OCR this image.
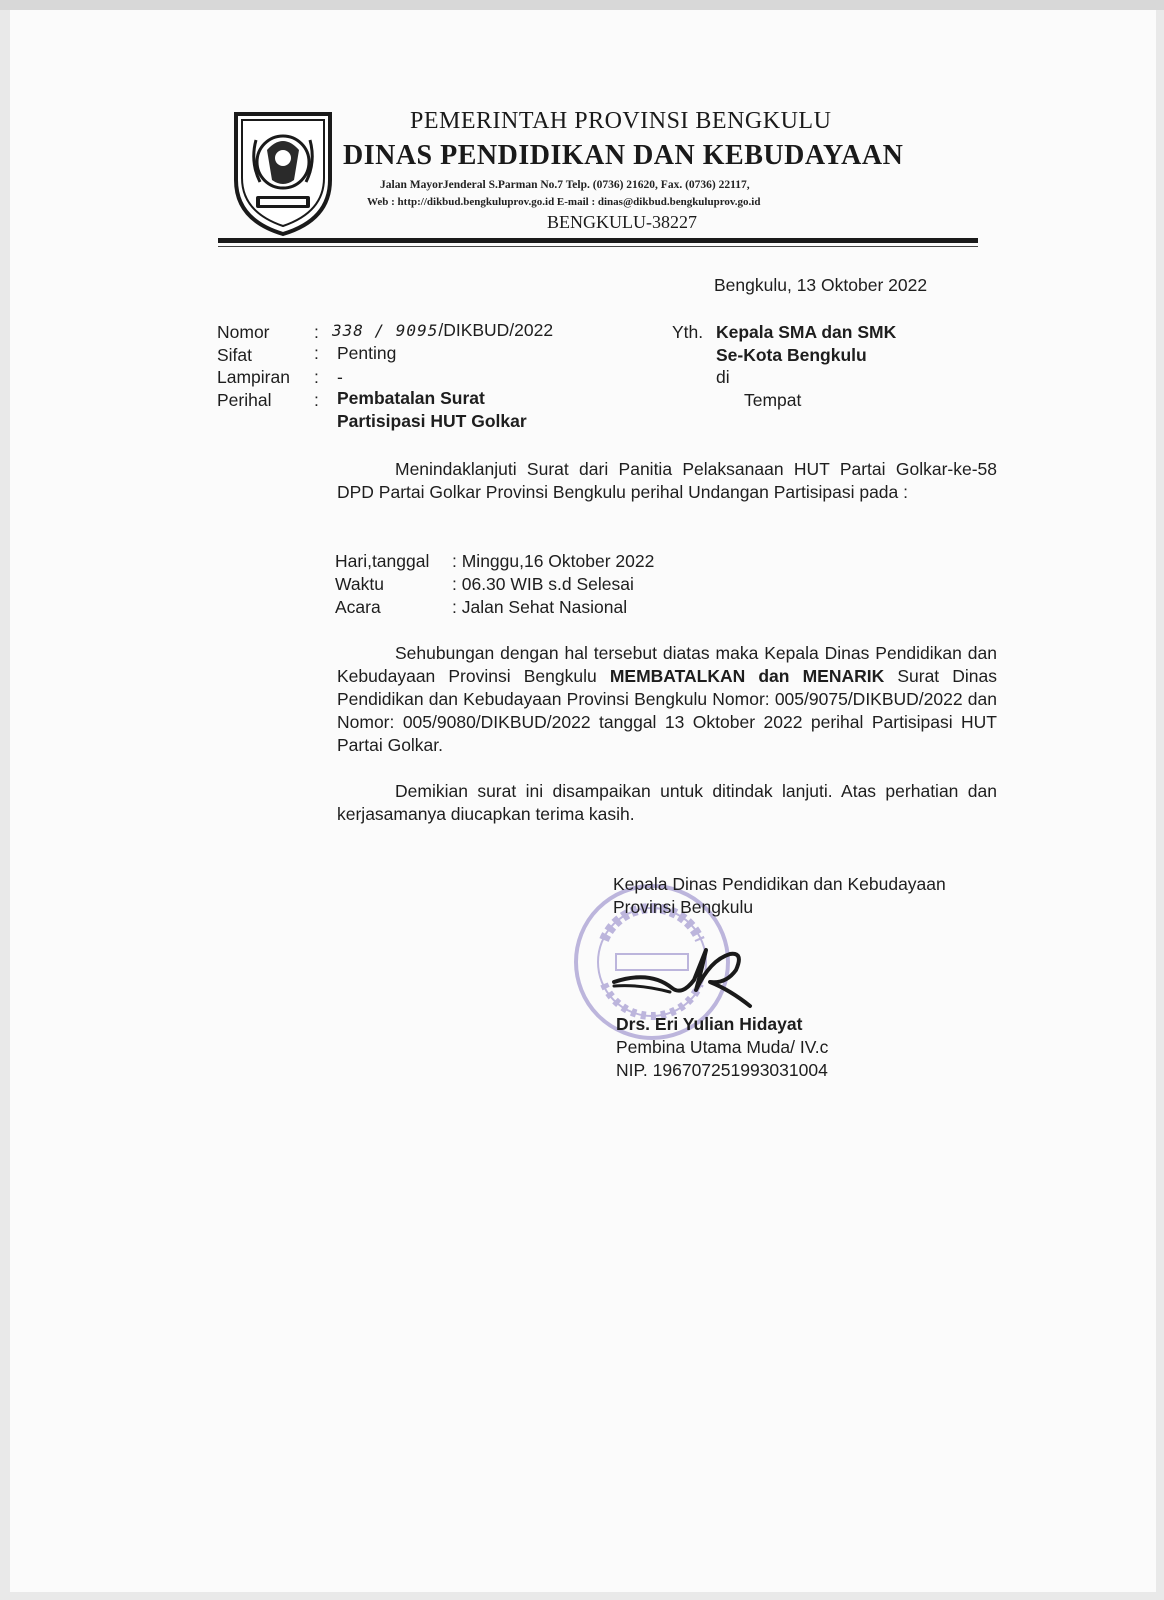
PEMERINTAH PROVINSI BENGKULU
DINAS PENDIDIKAN DAN KEBUDAYAAN
Jalan MayorJenderal S.Parman No.7 Telp. (0736) 21620, Fax. (0736) 22117,
Web : http://dikbud.bengkuluprov.go.id E-mail : dinas@dikbud.bengkuluprov.go.id
BENGKULU-38227
Bengkulu, 13 Oktober 2022
Nomor	: 338 / 9095/DIKBUD/2022
Sifat	: Penting
Lampiran : -
Perihal : Pembatalan Surat
Partisipasi HUT Golkar
Yth. Kepala SMA dan SMK
Se-Kota Bengkulu
di
Tempat
Menindaklanjuti Surat dari Panitia Pelaksanaan HUT Partai Golkar-ke-58 DPD Partai Golkar Provinsi Bengkulu perihal Undangan Partisipasi pada :
Hari,tanggal : Minggu,16 Oktober 2022
Waktu	: 06.30 WIB s.d Selesai
Acara	: Jalan Sehat Nasional
Sehubungan dengan hal tersebut diatas maka Kepala Dinas Pendidikan dan Kebudayaan Provinsi Bengkulu MEMBATALKAN dan MENARIK Surat Dinas Pendidikan dan Kebudayaan Provinsi Bengkulu Nomor: 005/9075/DIKBUD/2022 dan Nomor: 005/9080/DIKBUD/2022 tanggal 13 Oktober 2022 perihal Partisipasi HUT Partai Golkar.
Demikian surat ini disampaikan untuk ditindak lanjuti. Atas perhatian dan kerjasamanya diucapkan terima kasih.
Kepala Dinas Pendidikan dan Kebudayaan
Provinsi Bengkulu
Drs. Eri Yulian Hidayat
Pembina Utama Muda/ IV.c
NIP. 196707251993031004
